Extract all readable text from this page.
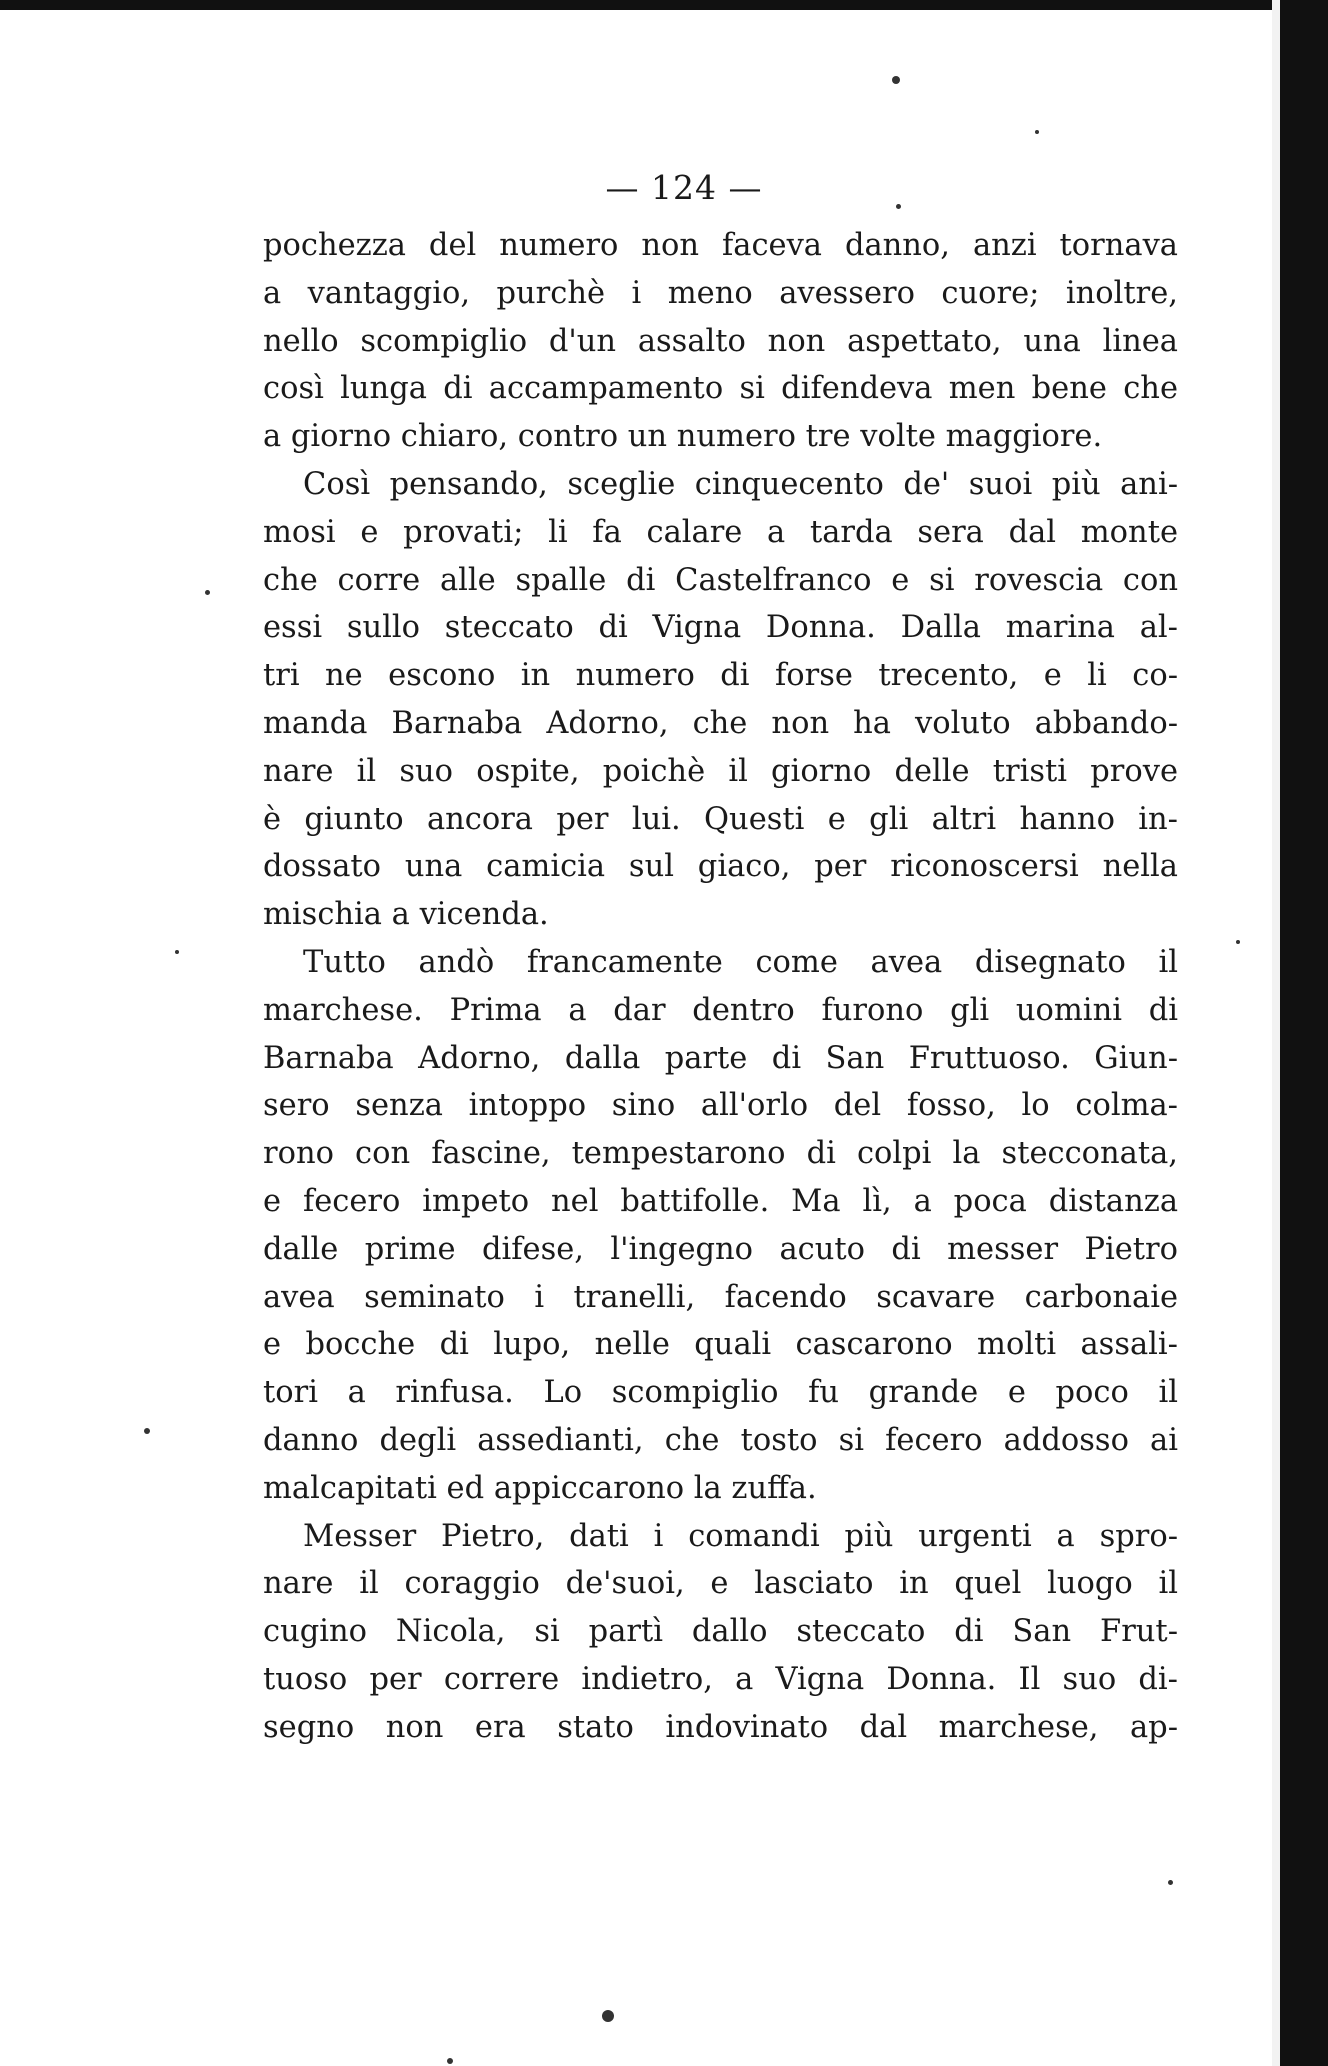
— 124 —

pochezza del numero non faceva danno, anzi tornava
a vantaggio, purchè i meno avessero cuore; inoltre,
nello scompiglio d'un assalto non aspettato, una linea
così lunga di accampamento si difendeva men bene che
a giorno chiaro, contro un numero tre volte maggiore.

Così pensando, sceglie cinquecento de' suoi più ani-
mosi e provati; li fa calare a tarda sera dal monte
che corre alle spalle di Castelfranco e si rovescia con
essi sullo steccato di Vigna Donna. Dalla marina al-
tri ne escono in numero di forse trecento, e li co-
manda Barnaba Adorno, che non ha voluto abbando-
nare il suo ospite, poichè il giorno delle tristi prove
è giunto ancora per lui. Questi e gli altri hanno in-
dossato una camicia sul giaco, per riconoscersi nella
mischia a vicenda.

Tutto andò francamente come avea disegnato il
marchese. Prima a dar dentro furono gli uomini di
Barnaba Adorno, dalla parte di San Fruttuoso. Giun-
sero senza intoppo sino all'orlo del fosso, lo colma-
rono con fascine, tempestarono di colpi la stecconata,
e fecero impeto nel battifolle. Ma lì, a poca distanza
dalle prime difese, l'ingegno acuto di messer Pietro
avea seminato i tranelli, facendo scavare carbonaie
e bocche di lupo, nelle quali cascarono molti assali-
tori a rinfusa. Lo scompiglio fu grande e poco il
danno degli assedianti, che tosto si fecero addosso ai
malcapitati ed appiccarono la zuffa.

Messer Pietro, dati i comandi più urgenti a spro-
nare il coraggio de'suoi, e lasciato in quel luogo il
cugino Nicola, si partì dallo steccato di San Frut-
tuoso per correre indietro, a Vigna Donna. Il suo di-
segno non era stato indovinato dal marchese, ap-
